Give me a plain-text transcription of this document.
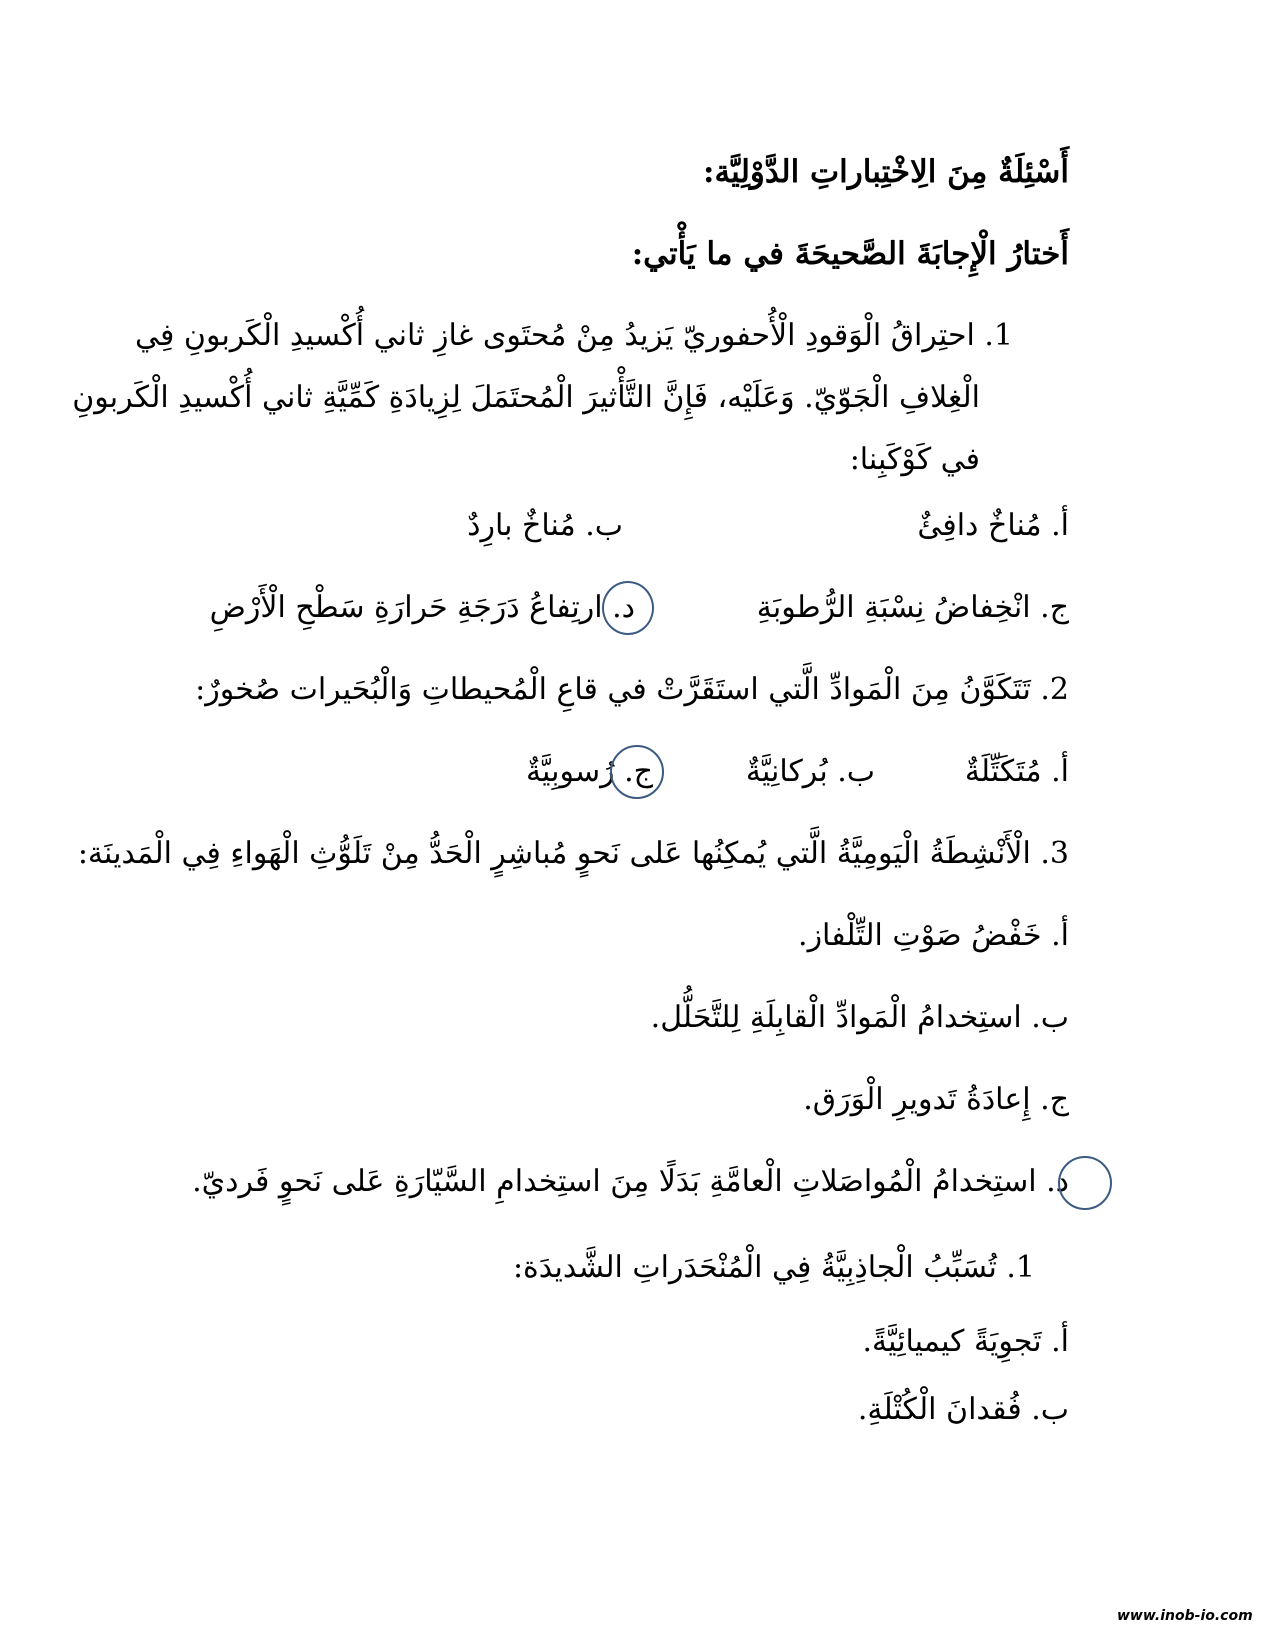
أَسْئِلَةٌ مِنَ الِاخْتِباراتِ الدَّوْلِيَّة:
أَختارُ الْإِجابَةَ الصَّحيحَةَ في ما يَأْتي:
1. احتِراقُ الْوَقودِ الْأُحفوريّ يَزيدُ مِنْ مُحتَوى غازِ ثاني أُكْسيدِ الْكَربونِ فِي
الْغِلافِ الْجَوّيّ. وَعَلَيْه، فَإِنَّ التَّأْثيرَ الْمُحتَمَلَ لِزِيادَةِ كَمِّيَّةِ ثاني أُكْسيدِ الْكَربونِ
في كَوْكَبِنا:
أ. مُناخٌ دافِئٌ
ب. مُناخٌ بارِدٌ
ج. انْخِفاضُ نِسْبَةِ الرُّطوبَةِ
د. ارتِفاعُ دَرَجَةِ حَرارَةِ سَطْحِ الْأَرْضِ
2. تَتَكَوَّنُ مِنَ الْمَوادِّ الَّتي استَقَرَّتْ في قاعِ الْمُحيطاتِ وَالْبُحَيرات صُخورٌ:
أ. مُتَكَتِّلَةٌ
ب. بُركانِيَّةٌ
ج. رُسوبِيَّةٌ
3. الْأَنْشِطَةُ الْيَومِيَّةُ الَّتي يُمكِنُها عَلى نَحوٍ مُباشِرٍ الْحَدُّ مِنْ تَلَوُّثِ الْهَواءِ فِي الْمَدينَة:
أ. خَفْضُ صَوْتِ التِّلْفاز.
ب. استِخدامُ الْمَوادِّ الْقابِلَةِ لِلتَّحَلُّل.
ج. إِعادَةُ تَدويرِ الْوَرَق.
د. استِخدامُ الْمُواصَلاتِ الْعامَّةِ بَدَلًا مِنَ استِخدامِ السَّيّارَةِ عَلى نَحوٍ فَرديّ.
1. تُسَبِّبُ الْجاذِبِيَّةُ فِي الْمُنْحَدَراتِ الشَّديدَة:
أ. تَجوِيَةً كيميائِيَّةً.
ب. فُقدانَ الْكُتْلَةِ.
www.inob-io.com
